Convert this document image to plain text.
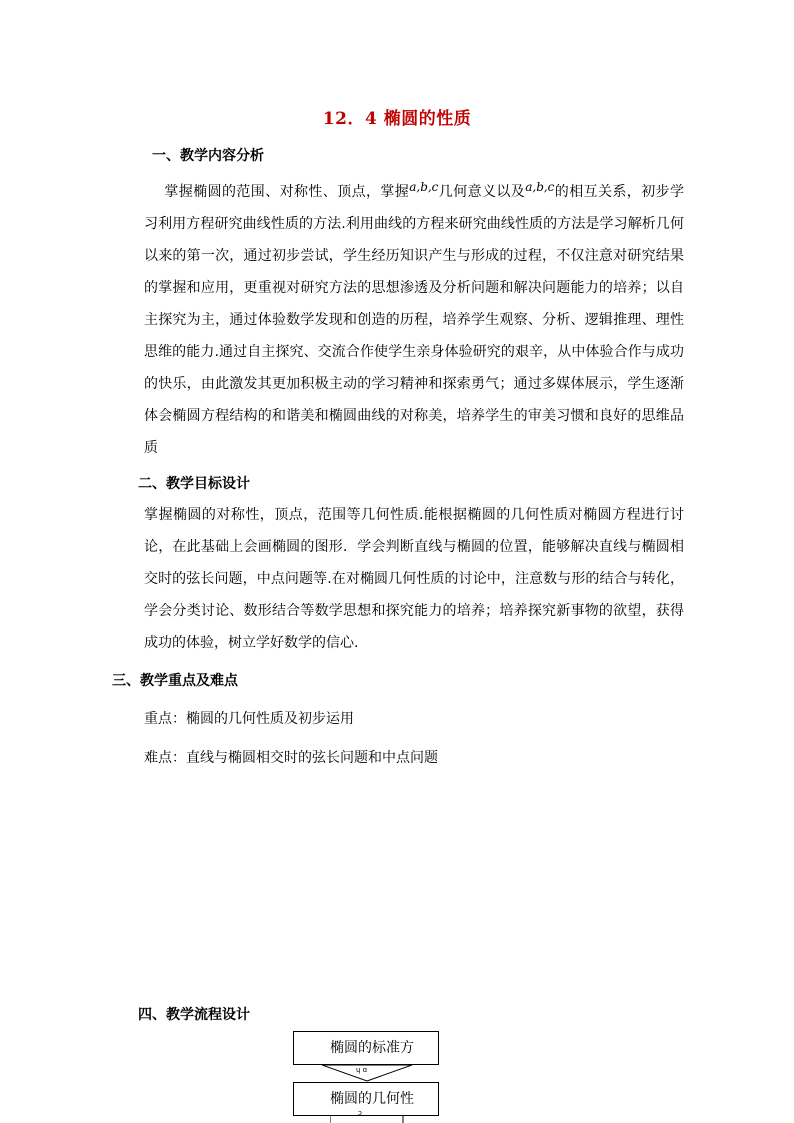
12．4 椭圆的性质
一、教学内容分析
掌握椭圆的范围、对称性、顶点，掌握a,b,c几何意义以及a,b,c的相互关系，初步学习利用方程研究曲线性质的方法.利用曲线的方程来研究曲线性质的方法是学习解析几何以来的第一次，通过初步尝试，学生经历知识产生与形成的过程，不仅注意对研究结果的掌握和应用，更重视对研究方法的思想渗透及分析问题和解决问题能力的培养；以自主探究为主，通过体验数学发现和创造的历程，培养学生观察、分析、逻辑推理、理性思维的能力.通过自主探究、交流合作使学生亲身体验研究的艰辛，从中体验合作与成功的快乐，由此激发其更加积极主动的学习精神和探索勇气；通过多媒体展示，学生逐渐体会椭圆方程结构的和谐美和椭圆曲线的对称美，培养学生的审美习惯和良好的思维品质
二、教学目标设计
掌握椭圆的对称性，顶点，范围等几何性质.能根据椭圆的几何性质对椭圆方程进行讨论，在此基础上会画椭圆的图形．学会判断直线与椭圆的位置，能够解决直线与椭圆相交时的弦长问题，中点问题等.在对椭圆几何性质的讨论中，注意数与形的结合与转化，学会分类讨论、数形结合等数学思想和探究能力的培养；培养探究新事物的欲望，获得成功的体验，树立学好数学的信心.
三、教学重点及难点
重点：椭圆的几何性质及初步运用
难点：直线与椭圆相交时的弦长问题和中点问题
四、教学流程设计
椭圆的标准方
ɥ ɑ
椭圆的几何性
ɔ
